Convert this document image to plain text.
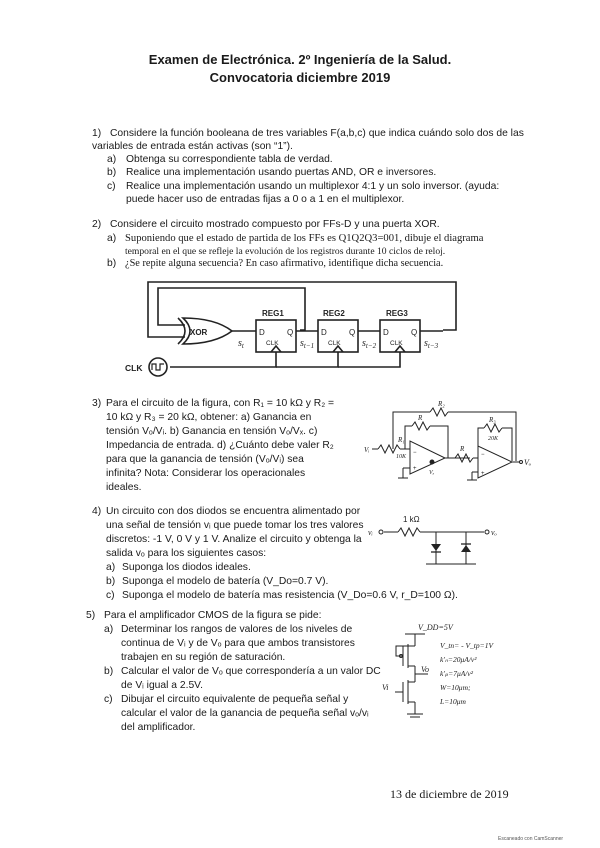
Examen de Electrónica. 2º Ingeniería de la Salud.
Convocatoria diciembre 2019
1) Considere la función booleana de tres variables F(a,b,c) que indica cuándo solo dos de las
variables de entrada están activas (son “1”).
a) Obtenga su correspondiente tabla de verdad.
b) Realice una implementación usando puertas AND, OR e inversores.
c) Realice una implementación usando un multiplexor 4:1 y un solo inversor. (ayuda:
puede hacer uso de entradas fijas a 0 o a 1 en el multiplexor.
2) Considere el circuito mostrado compuesto por FFs-D y una puerta XOR.
a) Suponiendo que el estado de partida de los FFs es Q1Q2Q3=001, dibuje el diagrama
temporal en el que se refleje la evolución de los registros durante 10 ciclos de reloj.
b) ¿Se repite alguna secuencia? En caso afirmativo, identifique dicha secuencia.
XOR
CLK
REG1	REG2	REG3
D	Q
CLK
D	Q
CLK
D	Q
CLK
$s_t$	$s_{t-1}$	$s_{t-2}$	$s_{t-3}$
3) Para el circuito de la figura, con R₁ = 10 kΩ y R₂ =
10 kΩ y R₃ = 20 kΩ, obtener: a) Ganancia en
tensión Vₒ/Vᵢ. b) Ganancia en tensión Vₒ/Vₓ. c)
Impedancia de entrada. d) ¿Cuánto debe valer R₂
para que la ganancia de tensión (Vₒ/Vᵢ) sea
infinita? Nota: Considerar los operacionales
ideales.
R₁
10K
R
R
R₂
R₃
20K
Vᵢ
Vₒ
Vₓ
−
+
−
+
4) Un circuito con dos diodos se encuentra alimentado por
una señal de tensión vᵢ que puede tomar los tres valores
discretos: -1 V, 0 V y 1 V. Analize el circuito y obtenga la
salida vₒ para los siguientes casos:
a) Suponga los diodos ideales.
b) Suponga el modelo de batería (V_Do=0.7 V).
c) Suponga el modelo de batería mas resistencia (V_Do=0.6 V, r_D=100 Ω).
1 kΩ
vᵢ	vₒ
5) Para el amplificador CMOS de la figura se pide:
a) Determinar los rangos de valores de los niveles de
continua de Vᵢ y de Vₒ para que ambos transistores
trabajen en su región de saturación.
b) Calcular el valor de Vₒ que correspondería a un valor DC
de Vᵢ igual a 2.5V.
c) Dibujar el circuito equivalente de pequeña señal y
calcular el valor de la ganancia de pequeña señal vₒ/vᵢ
del amplificador.
V_DD=5V
Vo
Vi
V_tn= - V_tp=1V
k'ₙ=20μA/v²
k'ₚ=7μA/v²
W=10μm;
L=10μm
13 de diciembre de 2019
Escaneado con CamScanner
